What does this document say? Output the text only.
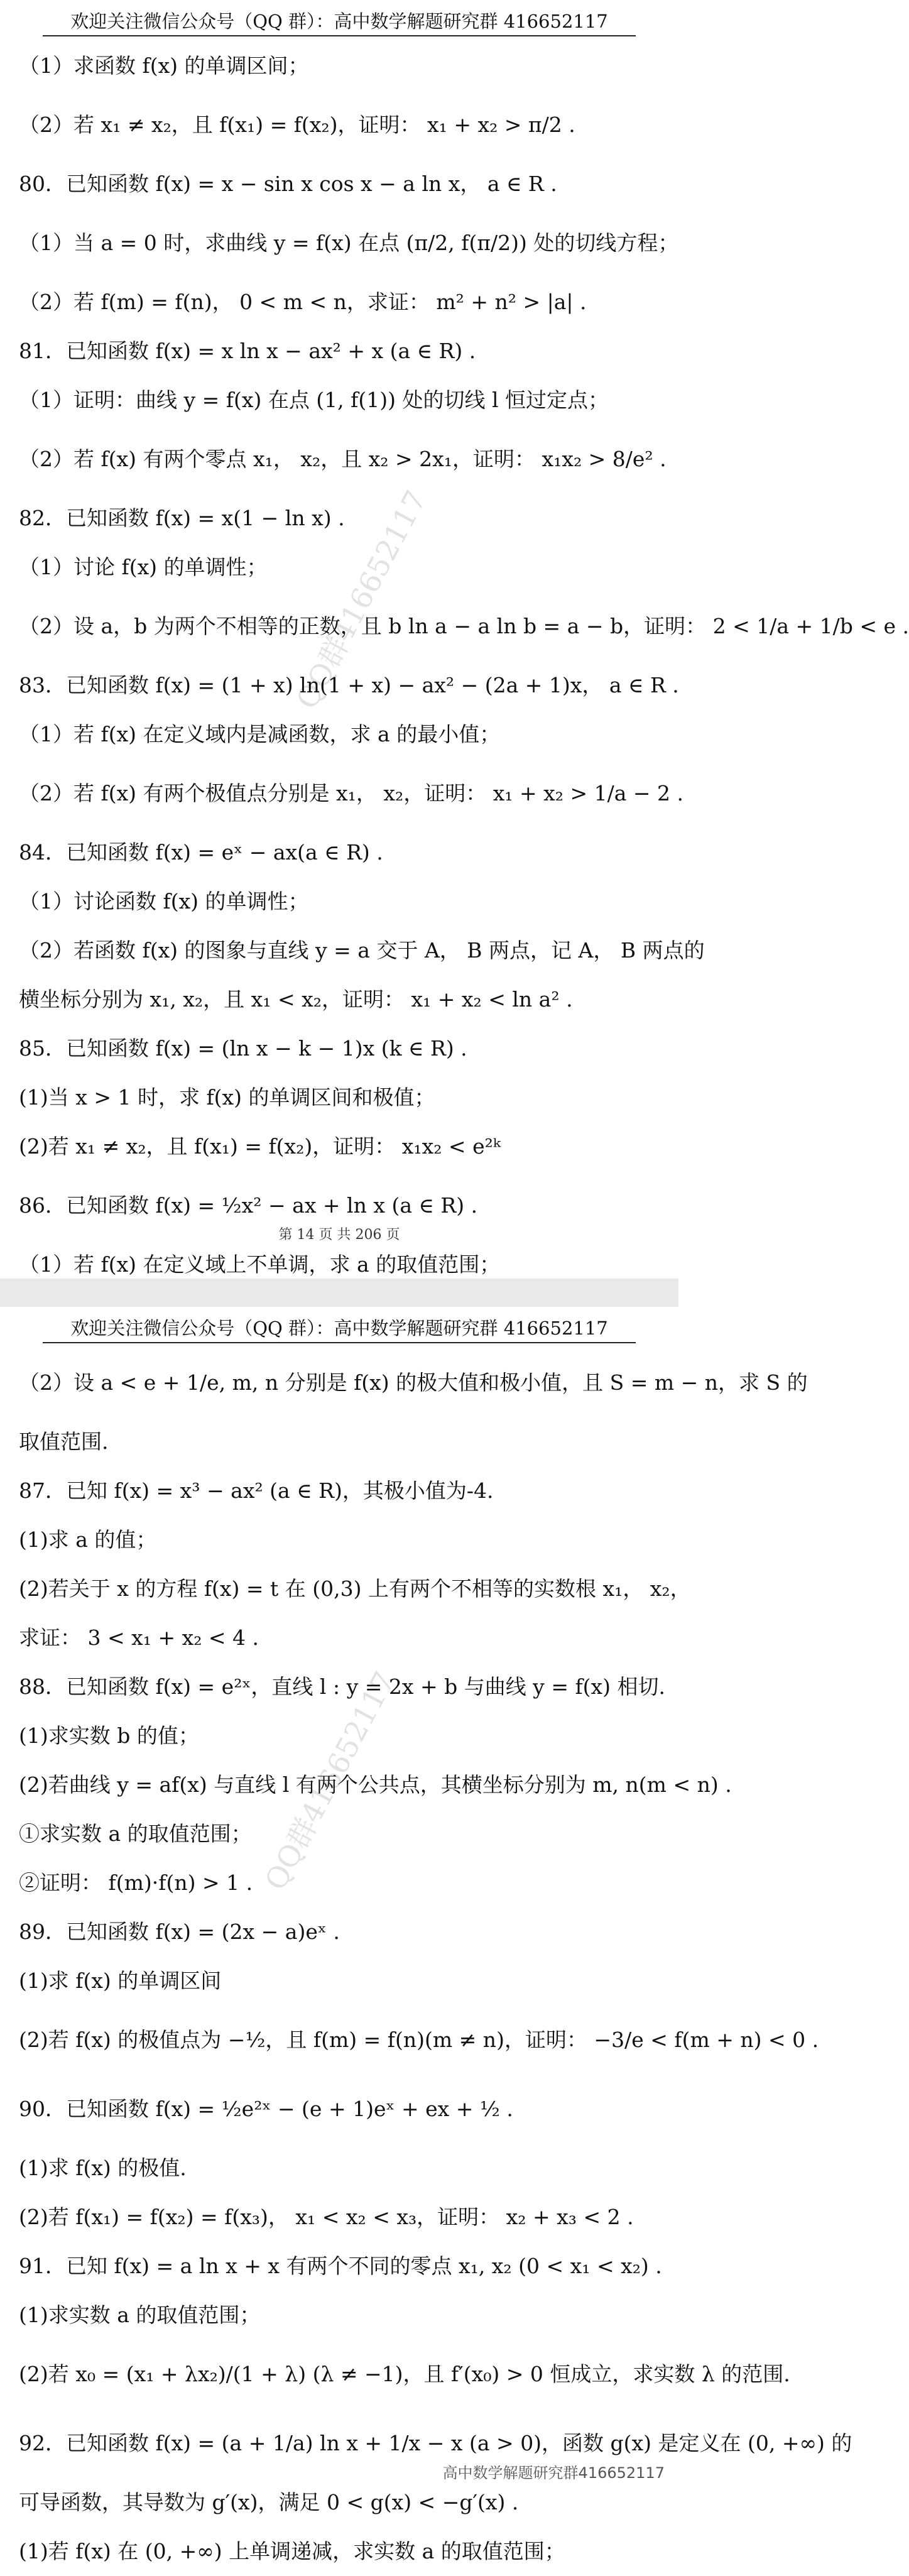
欢迎关注微信公众号（QQ 群）：高中数学解题研究群 416652117
QQ群416652117
（1）求函数 f(x) 的单调区间；
（2）若 x₁ ≠ x₂，且 f(x₁) = f(x₂)，证明： x₁ + x₂ > π/2 .
80．已知函数 f(x) = x − sin x cos x − a ln x， a ∈ R .
（1）当 a = 0 时，求曲线 y = f(x) 在点 (π/2, f(π/2)) 处的切线方程；
（2）若 f(m) = f(n)， 0 < m < n，求证： m² + n² > |a| .
81．已知函数 f(x) = x ln x − ax² + x (a ∈ R) .
（1）证明：曲线 y = f(x) 在点 (1, f(1)) 处的切线 l 恒过定点；
（2）若 f(x) 有两个零点 x₁， x₂，且 x₂ > 2x₁，证明： x₁x₂ > 8/e² .
82．已知函数 f(x) = x(1 − ln x) .
（1）讨论 f(x) 的单调性；
（2）设 a，b 为两个不相等的正数，且 b ln a − a ln b = a − b，证明： 2 < 1/a + 1/b < e .
83．已知函数 f(x) = (1 + x) ln(1 + x) − ax² − (2a + 1)x， a ∈ R .
（1）若 f(x) 在定义域内是减函数，求 a 的最小值；
（2）若 f(x) 有两个极值点分别是 x₁， x₂，证明： x₁ + x₂ > 1/a − 2 .
84．已知函数 f(x) = eˣ − ax(a ∈ R) .
（1）讨论函数 f(x) 的单调性；
（2）若函数 f(x) 的图象与直线 y = a 交于 A， B 两点，记 A， B 两点的
横坐标分别为 x₁, x₂，且 x₁ < x₂，证明： x₁ + x₂ < ln a² .
85．已知函数 f(x) = (ln x − k − 1)x (k ∈ R) .
(1)当 x > 1 时，求 f(x) 的单调区间和极值；
(2)若 x₁ ≠ x₂，且 f(x₁) = f(x₂)，证明： x₁x₂ < e²ᵏ
86．已知函数 f(x) = ½x² − ax + ln x (a ∈ R) .
（1）若 f(x) 在定义域上不单调，求 a 的取值范围；
第 14 页 共 206 页
欢迎关注微信公众号（QQ 群）：高中数学解题研究群 416652117
QQ群416652117
（2）设 a < e + 1/e, m, n 分别是 f(x) 的极大值和极小值，且 S = m − n，求 S 的
取值范围.
87．已知 f(x) = x³ − ax² (a ∈ R)，其极小值为-4.
(1)求 a 的值；
(2)若关于 x 的方程 f(x) = t 在 (0,3) 上有两个不相等的实数根 x₁， x₂，
求证： 3 < x₁ + x₂ < 4 .
88．已知函数 f(x) = e²ˣ，直线 l : y = 2x + b 与曲线 y = f(x) 相切.
(1)求实数 b 的值；
(2)若曲线 y = af(x) 与直线 l 有两个公共点，其横坐标分别为 m, n(m < n) .
①求实数 a 的取值范围；
②证明： f(m)·f(n) > 1 .
89．已知函数 f(x) = (2x − a)eˣ .
(1)求 f(x) 的单调区间
(2)若 f(x) 的极值点为 −½，且 f(m) = f(n)(m ≠ n)，证明： −3/e < f(m + n) < 0 .
90．已知函数 f(x) = ½e²ˣ − (e + 1)eˣ + ex + ½ .
(1)求 f(x) 的极值.
(2)若 f(x₁) = f(x₂) = f(x₃)， x₁ < x₂ < x₃，证明： x₂ + x₃ < 2 .
91．已知 f(x) = a ln x + x 有两个不同的零点 x₁, x₂ (0 < x₁ < x₂) .
(1)求实数 a 的取值范围；
(2)若 x₀ = (x₁ + λx₂)/(1 + λ) (λ ≠ −1)，且 f′(x₀) > 0 恒成立，求实数 λ 的范围.
92．已知函数 f(x) = (a + 1/a) ln x + 1/x − x (a > 0)，函数 g(x) 是定义在 (0, +∞) 的
可导函数，其导数为 g′(x)，满足 0 < g(x) < −g′(x) .
(1)若 f(x) 在 (0, +∞) 上单调递减，求实数 a 的取值范围；
高中数学解题研究群416652117
